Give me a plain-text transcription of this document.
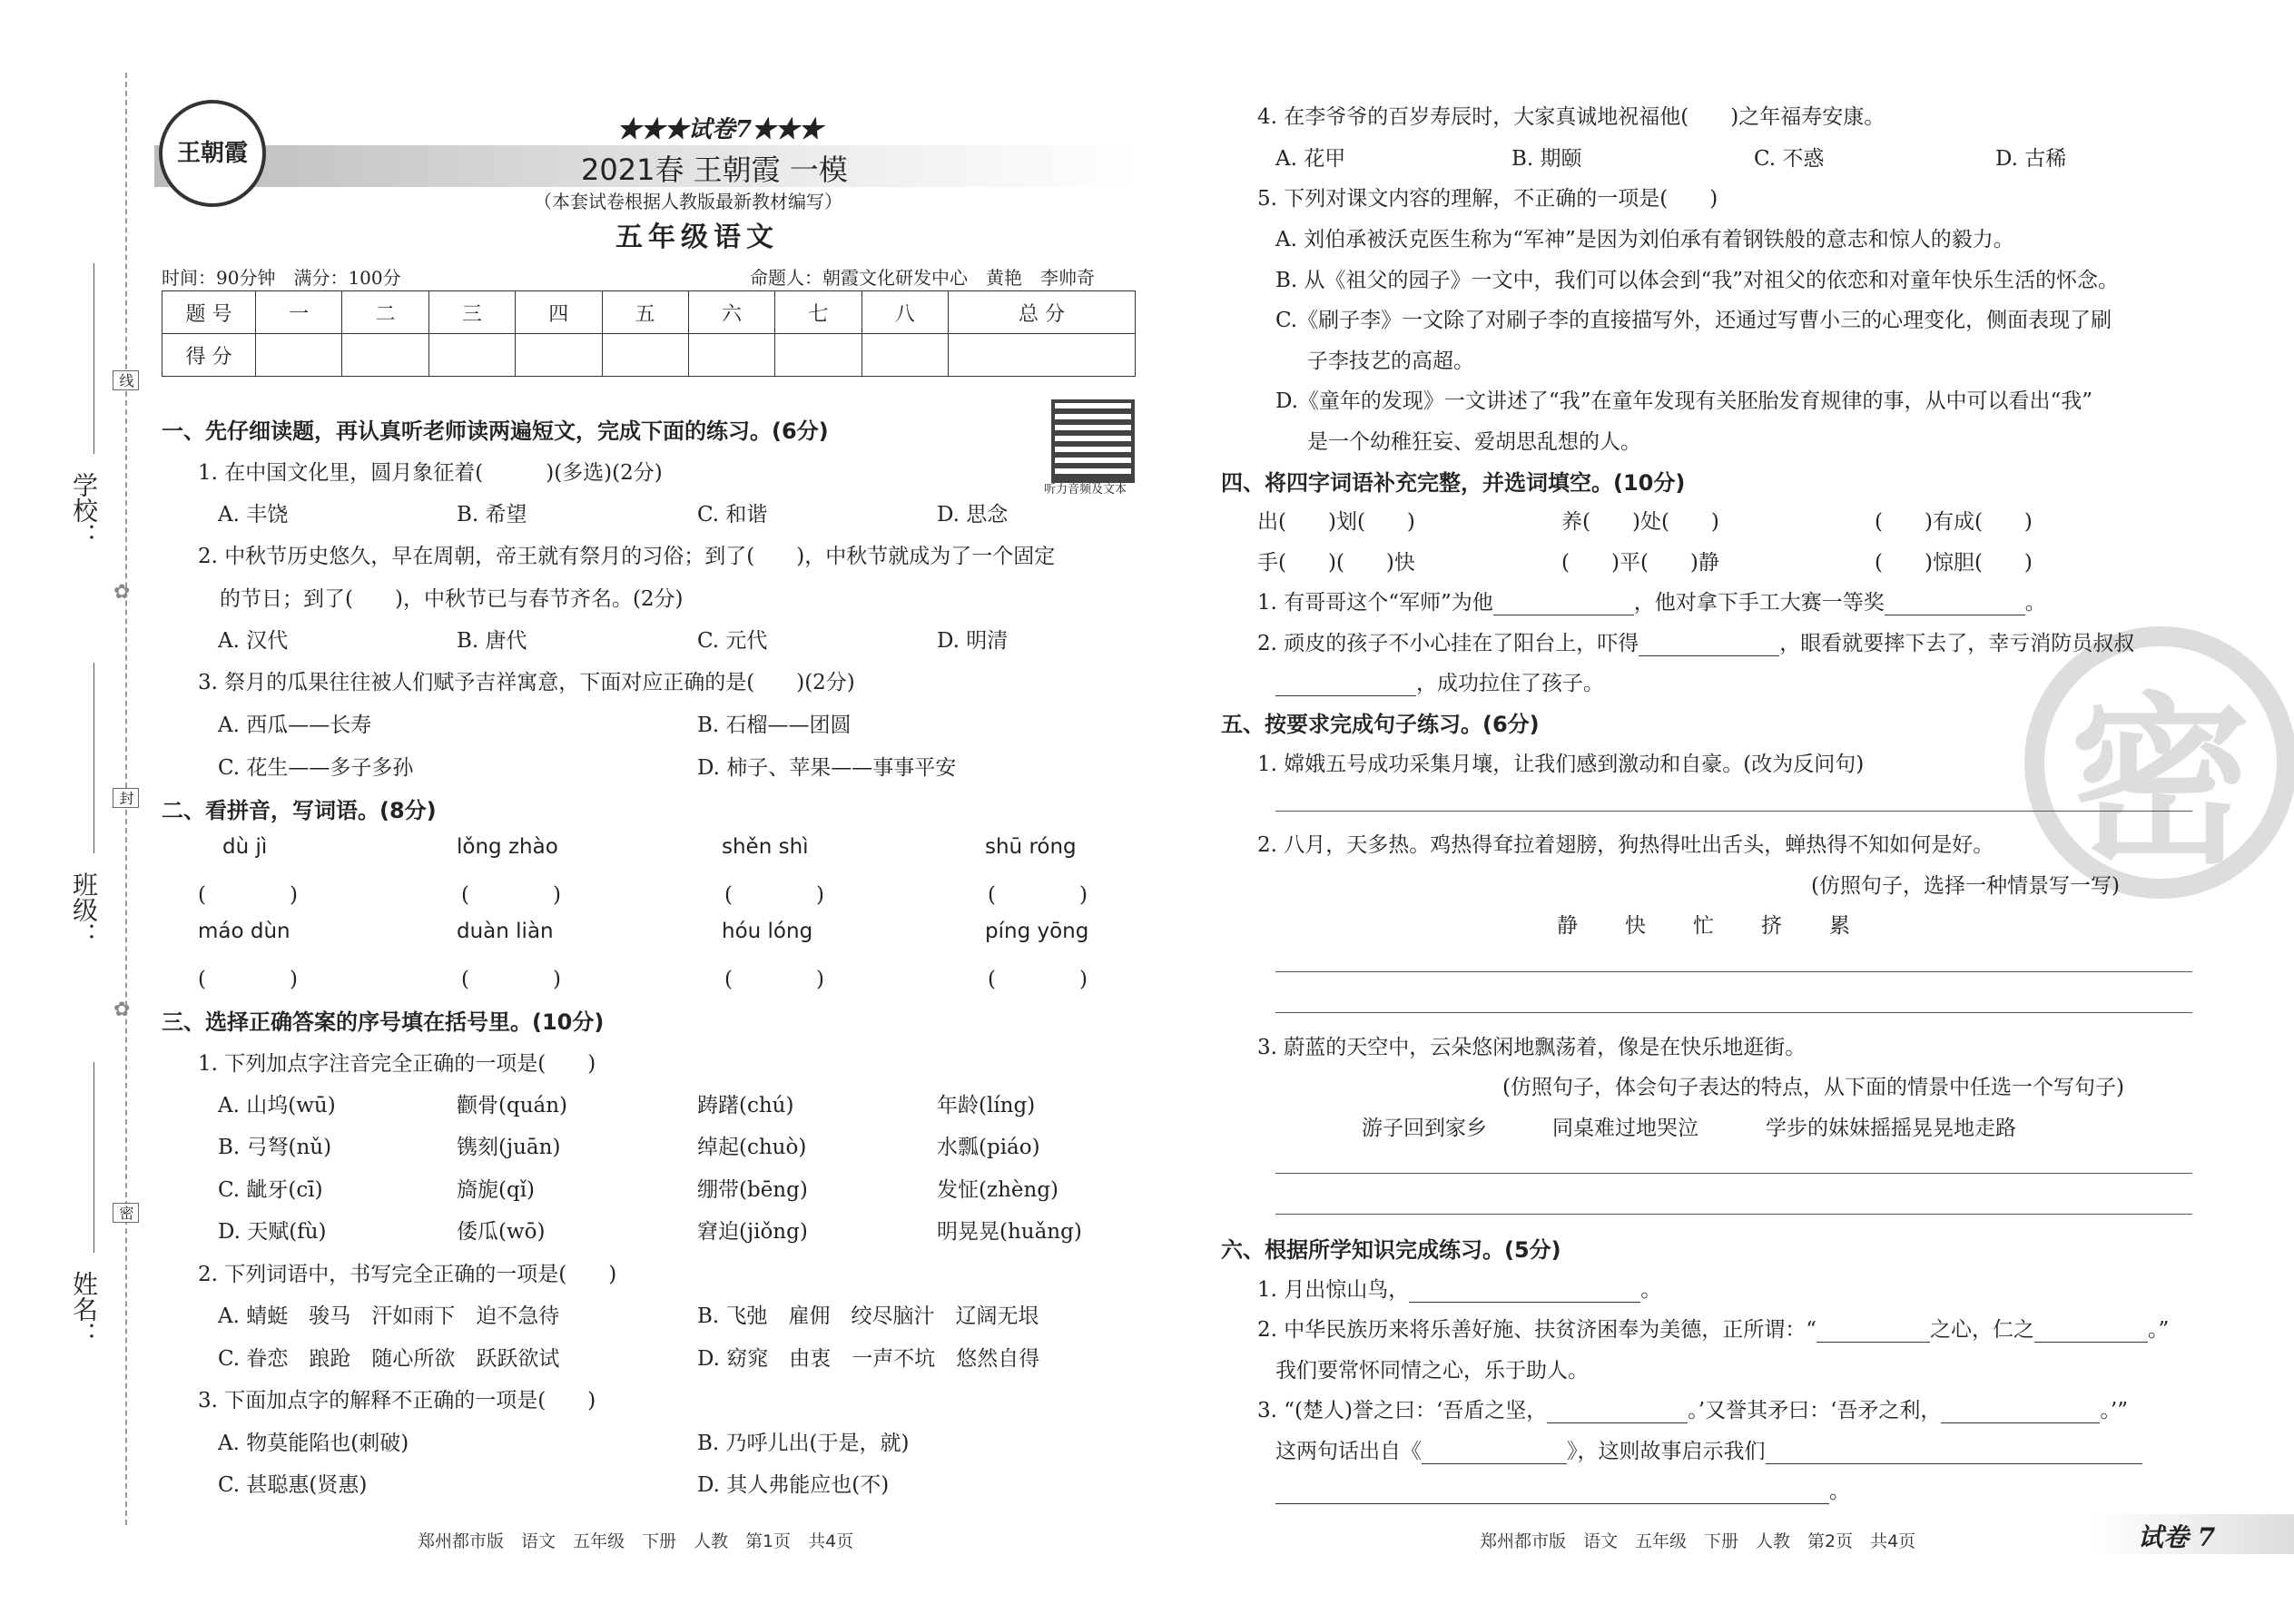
学校：
班级：
姓名：
线
封
密
✿
✿
王朝霞
★★★试卷7★★★
2021春 王朝霞 一模
（本套试卷根据人教版最新教材编写）
五年级语文
时间：90分钟　满分：100分	命题人：朝霞文化研发中心　黄艳　李帅奇
题 号	一	二	三	四	五	六	七	八	总 分
得 分									
听力音频及文本
一、先仔细读题，再认真听老师读两遍短文，完成下面的练习。(6分)
1. 在中国文化里，圆月象征着(　　　)(多选)(2分)
A. 丰饶	B. 希望	C. 和谐	D. 思念
2. 中秋节历史悠久，早在周朝，帝王就有祭月的习俗；到了(　　)，中秋节就成为了一个固定
的节日；到了(　　)，中秋节已与春节齐名。(2分)
A. 汉代	B. 唐代	C. 元代	D. 明清
3. 祭月的瓜果往往被人们赋予吉祥寓意，下面对应正确的是(　　)(2分)
A. 西瓜——长寿	B. 石榴——团圆
C. 花生——多子多孙	D. 柿子、苹果——事事平安
二、看拼音，写词语。(8分)
dù jì	lǒng zhào	shěn shì	shū róng
(　　　　)	(　　　　)	(　　　　)	(　　　　)
máo dùn	duàn liàn	hóu lóng	píng yōng
(　　　　)	(　　　　)	(　　　　)	(　　　　)
三、选择正确答案的序号填在括号里。(10分)
1. 下列加点字注音完全正确的一项是(　　)
A. 山坞(wū)	颧骨(quán)	踌躇(chú)	年龄(líng)
B. 弓弩(nǔ)	镌刻(juān)	绰起(chuò)	水瓢(piáo)
C. 龇牙(cī)	旖旎(qǐ)	绷带(bēng)	发怔(zhèng)
D. 天赋(fù)	倭瓜(wō)	窘迫(jiǒng)	明晃晃(huǎng)
2. 下列词语中，书写完全正确的一项是(　　)
A. 蜻蜓　骏马　汗如雨下　迫不急待	B. 飞弛　雇佣　绞尽脑汁　辽阔无垠
C. 眷恋　踉跄　随心所欲　跃跃欲试	D. 窈窕　由衷　一声不坑　悠然自得
3. 下面加点字的解释不正确的一项是(　　)
A. 物莫能陷也(刺破)	B. 乃呼儿出(于是，就)
C. 甚聪惠(贤惠)	D. 其人弗能应也(不)
郑州都市版　语文　五年级　下册　人教　第1页　共4页
密
4. 在李爷爷的百岁寿辰时，大家真诚地祝福他(　　)之年福寿安康。
A. 花甲	B. 期颐	C. 不惑	D. 古稀
5. 下列对课文内容的理解，不正确的一项是(　　)
A. 刘伯承被沃克医生称为“军神”是因为刘伯承有着钢铁般的意志和惊人的毅力。
B. 从《祖父的园子》一文中，我们可以体会到“我”对祖父的依恋和对童年快乐生活的怀念。
C.《刷子李》一文除了对刷子李的直接描写外，还通过写曹小三的心理变化，侧面表现了刷
子李技艺的高超。
D.《童年的发现》一文讲述了“我”在童年发现有关胚胎发育规律的事，从中可以看出“我”
是一个幼稚狂妄、爱胡思乱想的人。
四、将四字词语补充完整，并选词填空。(10分)
出(　　)划(　　)	养(　　)处(　　)	(　　)有成(　　)
手(　　)(　　)快	(　　)平(　　)静	(　　)惊胆(　　)
1. 有哥哥这个“军师”为他	，他对拿下手工大赛一等奖	。
2. 顽皮的孩子不小心挂在了阳台上，吓得	，眼看就要摔下去了，幸亏消防员叔叔
，成功拉住了孩子。
五、按要求完成句子练习。(6分)
1. 嫦娥五号成功采集月壤，让我们感到激动和自豪。(改为反问句)
2. 八月，天多热。鸡热得耷拉着翅膀，狗热得吐出舌头，蝉热得不知如何是好。
(仿照句子，选择一种情景写一写)
静 快 忙 挤 累
3. 蔚蓝的天空中，云朵悠闲地飘荡着，像是在快乐地逛街。
(仿照句子，体会句子表达的特点，从下面的情景中任选一个写句子)
游子回到家乡	同桌难过地哭泣	学步的妹妹摇摇晃晃地走路
六、根据所学知识完成练习。(5分)
1. 月出惊山鸟，	。
2. 中华民族历来将乐善好施、扶贫济困奉为美德，正所谓：“	之心，仁之	。”
我们要常怀同情之心，乐于助人。
3. “(楚人)誉之曰：‘吾盾之坚，	。’又誉其矛曰：‘吾矛之利，	。’”
这两句话出自《	》，这则故事启示我们
。
郑州都市版　语文　五年级　下册　人教　第2页　共4页	试卷 7
